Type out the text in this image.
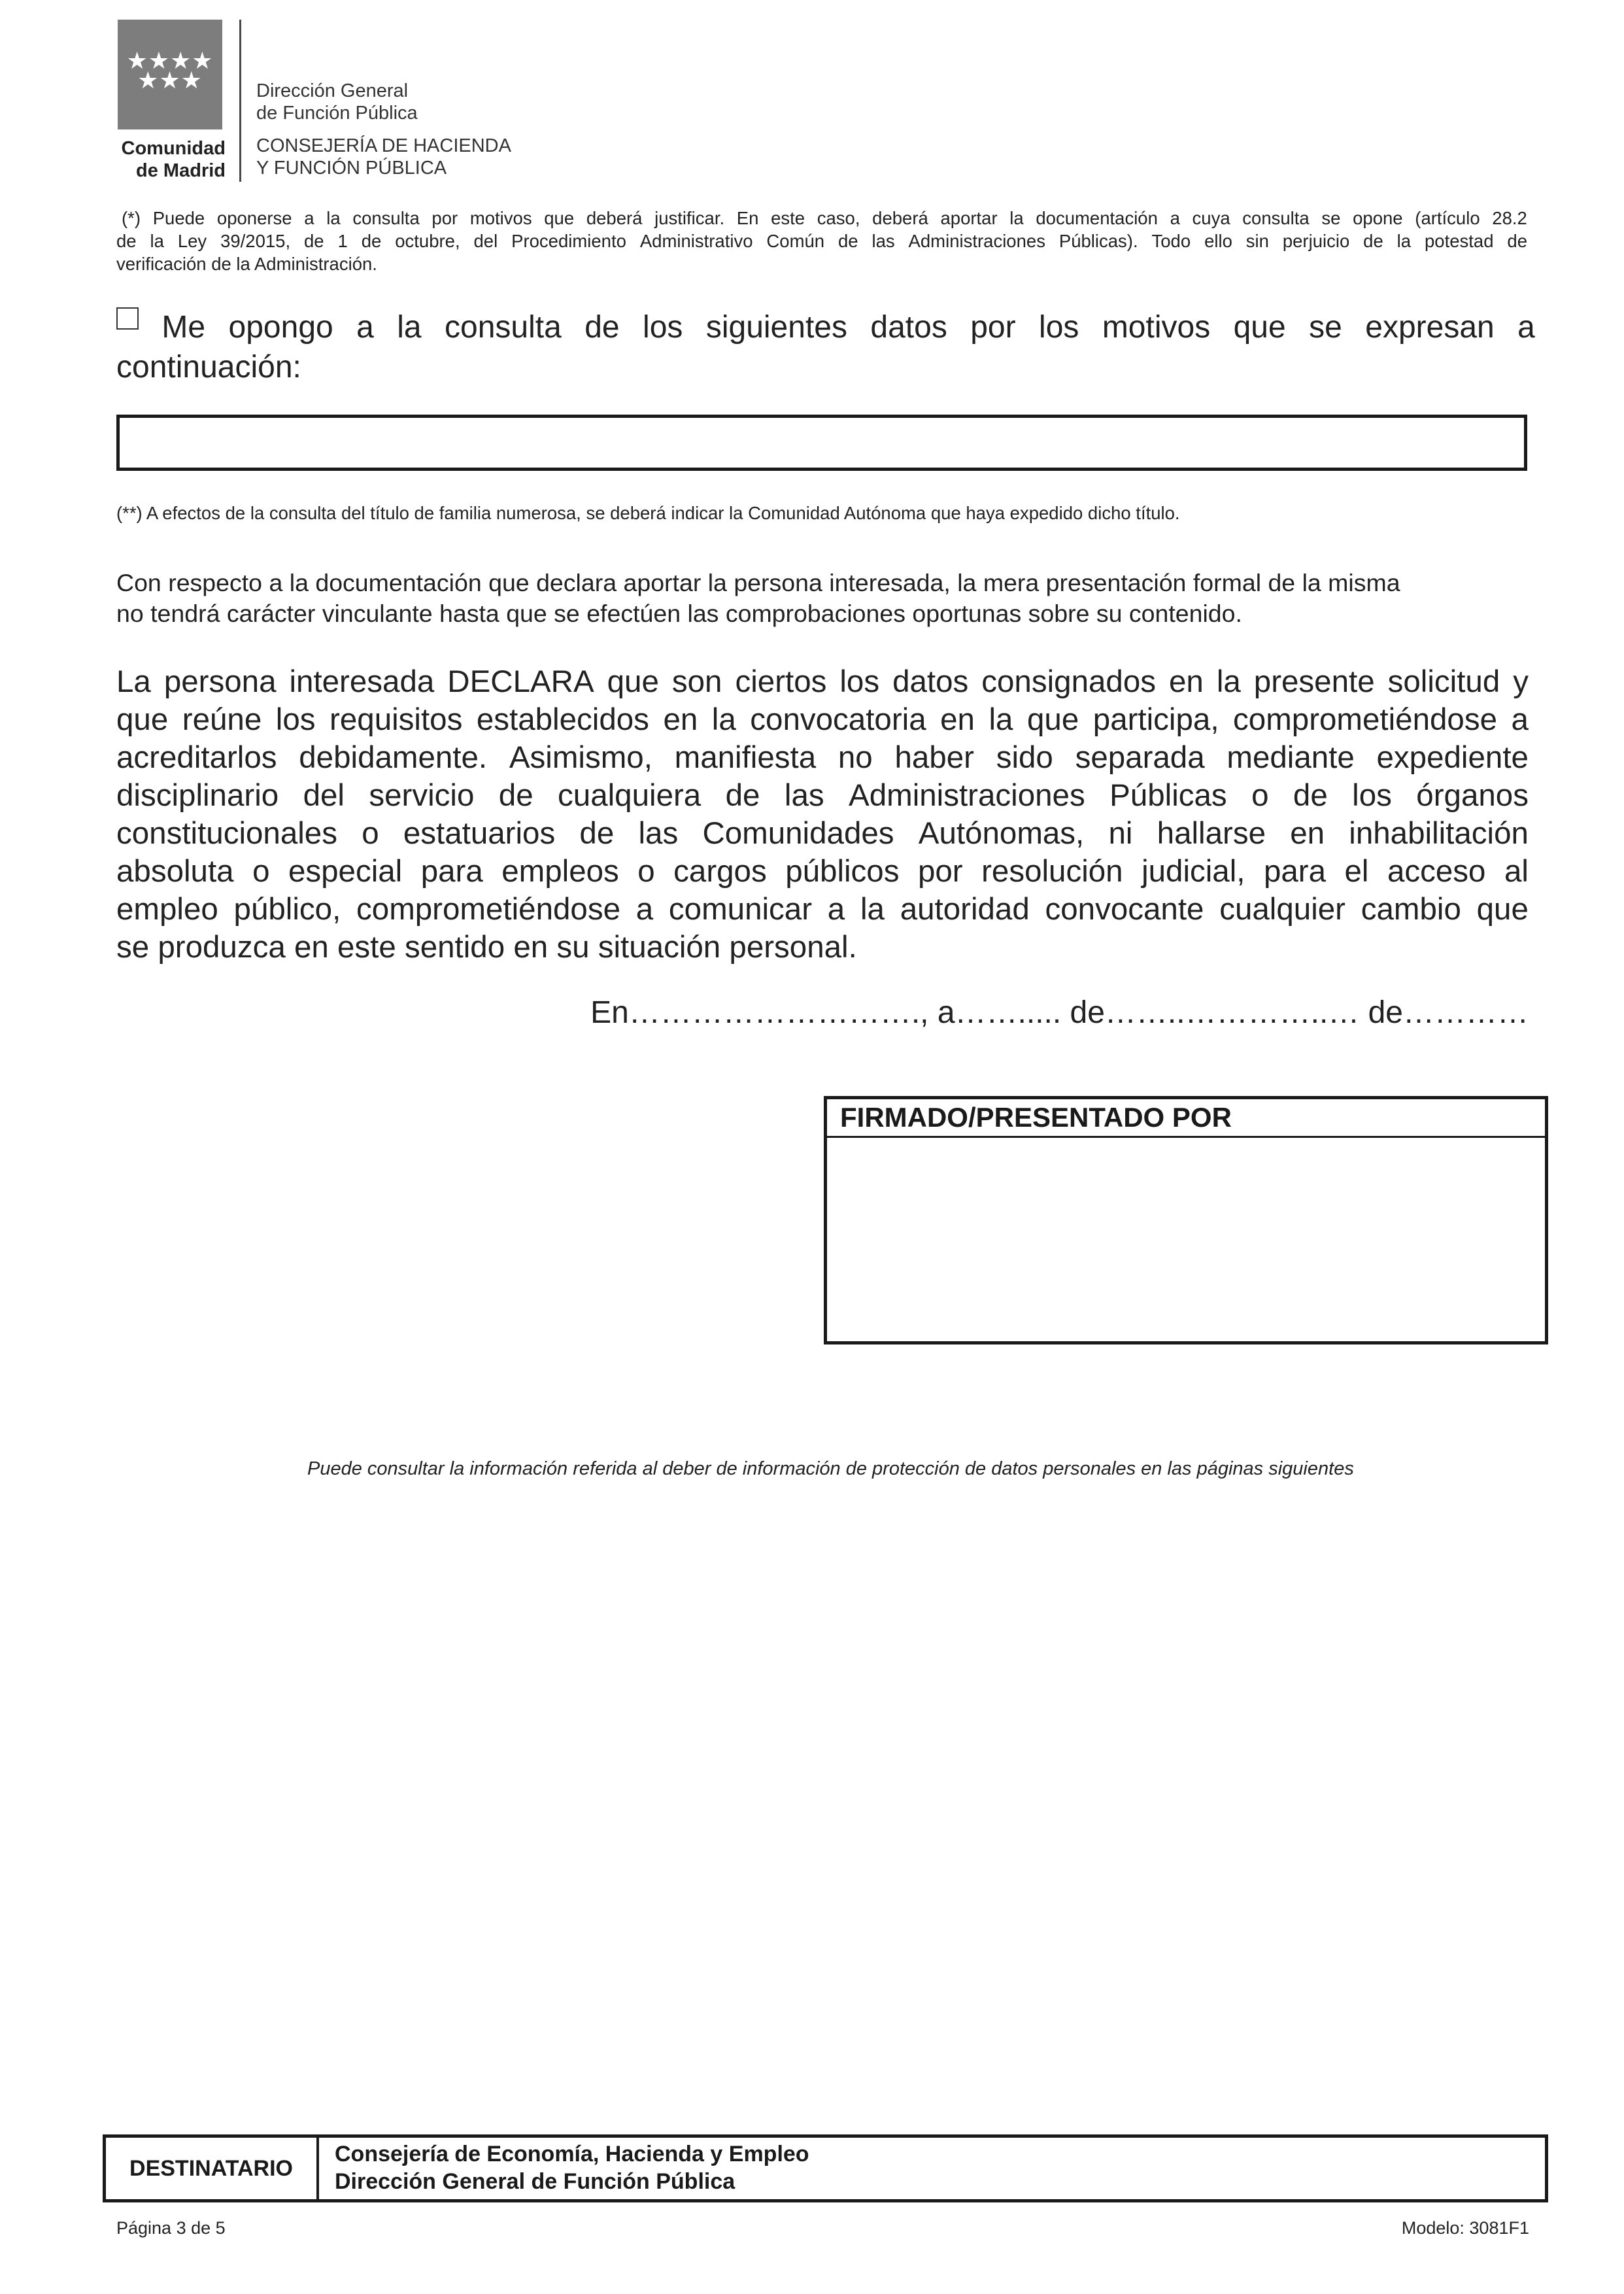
★★★★
★★★
Comunidad
de Madrid
Dirección General
de Función Pública
CONSEJERÍA DE HACIENDA
Y FUNCIÓN PÚBLICA
(*) Puede oponerse a la consulta por motivos que deberá justificar. En este caso, deberá aportar la documentación a cuya consulta se opone (artículo 28.2
de la Ley 39/2015, de 1 de octubre, del Procedimiento Administrativo Común de las Administraciones Públicas). Todo ello sin perjuicio de la potestad de
verificación de la Administración.
Me opongo a la consulta de los siguientes datos por los motivos que se expresan a
continuación:
(**) A efectos de la consulta del título de familia numerosa, se deberá indicar la Comunidad Autónoma que haya expedido dicho título.
Con respecto a la documentación que declara aportar la persona interesada, la mera presentación formal de la misma
no tendrá carácter vinculante hasta que se efectúen las comprobaciones oportunas sobre su contenido.
La persona interesada DECLARA que son ciertos los datos consignados en la presente solicitud y
que reúne los requisitos establecidos en la convocatoria en la que participa, comprometiéndose a
acreditarlos debidamente. Asimismo, manifiesta no haber sido separada mediante expediente
disciplinario del servicio de cualquiera de las Administraciones Públicas o de los órganos
constitucionales o estatuarios de las Comunidades Autónomas, ni hallarse en inhabilitación
absoluta o especial para empleos o cargos públicos por resolución judicial, para el acceso al
empleo público, comprometiéndose a comunicar a la autoridad convocante cualquier cambio que
se produzca en este sentido en su situación personal.
En………………………., a……..... de……..…………..… de…………
FIRMADO/PRESENTADO POR
Puede consultar la información referida al deber de información de protección de datos personales en las páginas siguientes
DESTINATARIO
Consejería de Economía, Hacienda y Empleo
Dirección General de Función Pública
Página 3 de 5	Modelo: 3081F1
